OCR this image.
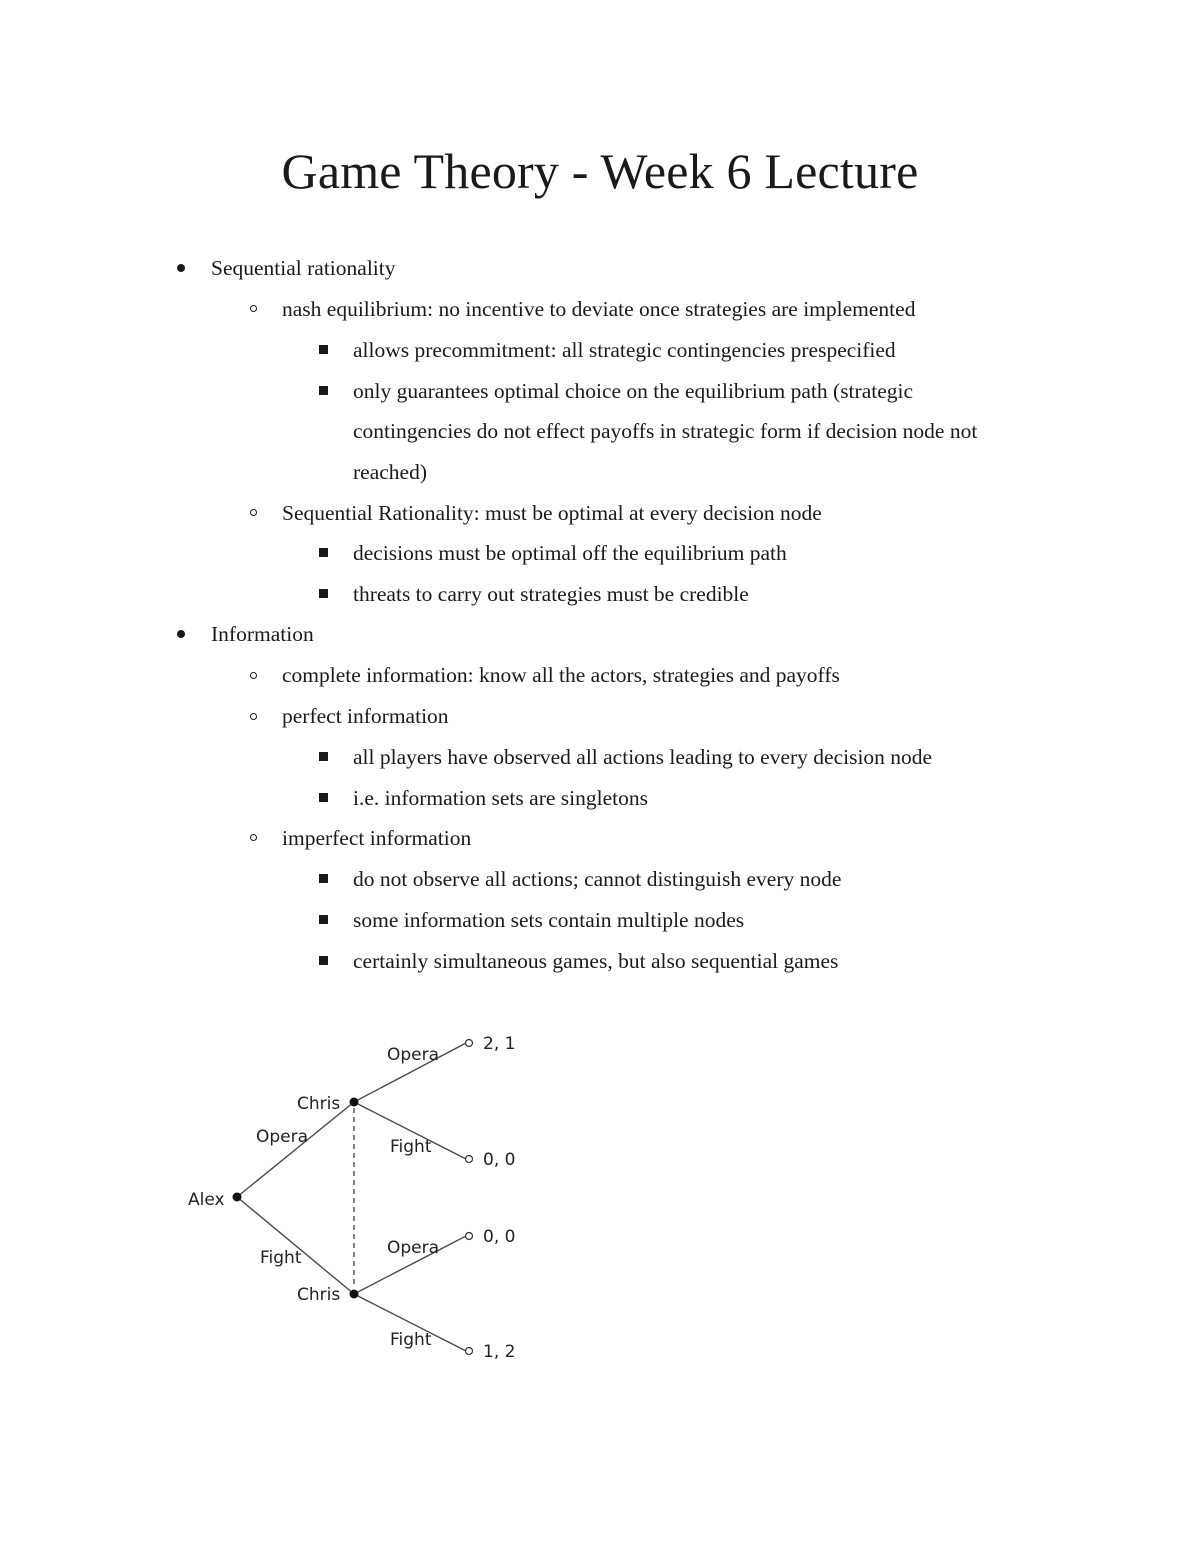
Game Theory - Week 6 Lecture
Sequential rationality
nash equilibrium: no incentive to deviate once strategies are implemented
allows precommitment: all strategic contingencies prespecified
only guarantees optimal choice on the equilibrium path (strategic
contingencies do not effect payoffs in strategic form if decision node not
reached)
Sequential Rationality: must be optimal at every decision node
decisions must be optimal off the equilibrium path
threats to carry out strategies must be credible
Information
complete information: know all the actors, strategies and payoffs
perfect information
all players have observed all actions leading to every decision node
i.e. information sets are singletons
imperfect information
do not observe all actions; cannot distinguish every node
some information sets contain multiple nodes
certainly simultaneous games, but also sequential games
Alex
Chris
Chris
Opera
Fight
Opera
Fight
Opera
Fight
2, 1
0, 0
0, 0
1, 2
